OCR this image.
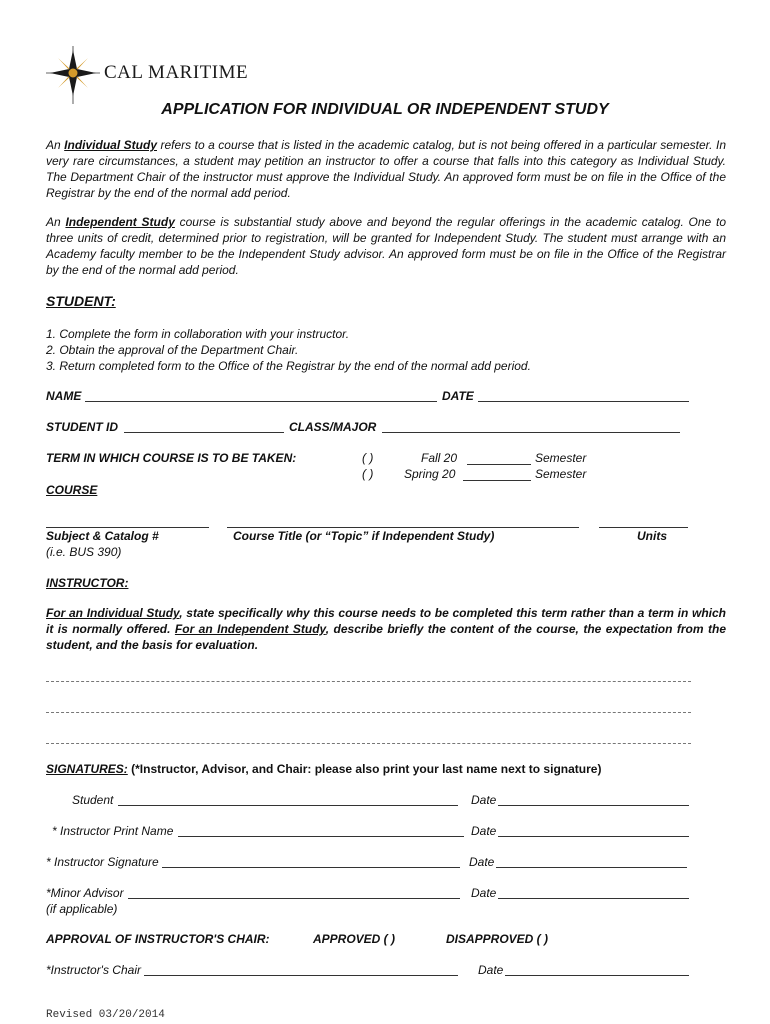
CAL MARITIME
APPLICATION FOR INDIVIDUAL OR INDEPENDENT STUDY
An Individual Study refers to a course that is listed in the academic catalog, but is not being offered in a particular semester. In very rare circumstances, a student may petition an instructor to offer a course that falls into this category as Individual Study. The Department Chair of the instructor must approve the Individual Study. An approved form must be on file in the Office of the Registrar by the end of the normal add period.
An Independent Study course is substantial study above and beyond the regular offerings in the academic catalog. One to three units of credit, determined prior to registration, will be granted for Independent Study. The student must arrange with an Academy faculty member to be the Independent Study advisor. An approved form must be on file in the Office of the Registrar by the end of the normal add period.
STUDENT:
1. Complete the form in collaboration with your instructor.
2. Obtain the approval of the Department Chair.
3. Return completed form to the Office of the Registrar by the end of the normal add period.
NAME	DATE
STUDENT ID	CLASS/MAJOR
TERM IN WHICH COURSE IS TO BE TAKEN:	( )	Fall 20	Semester
( )	Spring 20	Semester
COURSE
Subject & Catalog #
(i.e. BUS 390)
Course Title (or “Topic” if Independent Study)	Units
INSTRUCTOR:
For an Individual Study, state specifically why this course needs to be completed this term rather than a term in which it is normally offered. For an Independent Study, describe briefly the content of the course, the expectation from the student, and the basis for evaluation.
SIGNATURES: (*Instructor, Advisor, and Chair: please also print your last name next to signature)
Student	Date
* Instructor Print Name	Date
* Instructor Signature	Date
*Minor Advisor	Date
(if applicable)
APPROVAL OF INSTRUCTOR'S CHAIR:	APPROVED ( )	DISAPPROVED ( )
*Instructor's Chair	Date
Revised 03/20/2014
